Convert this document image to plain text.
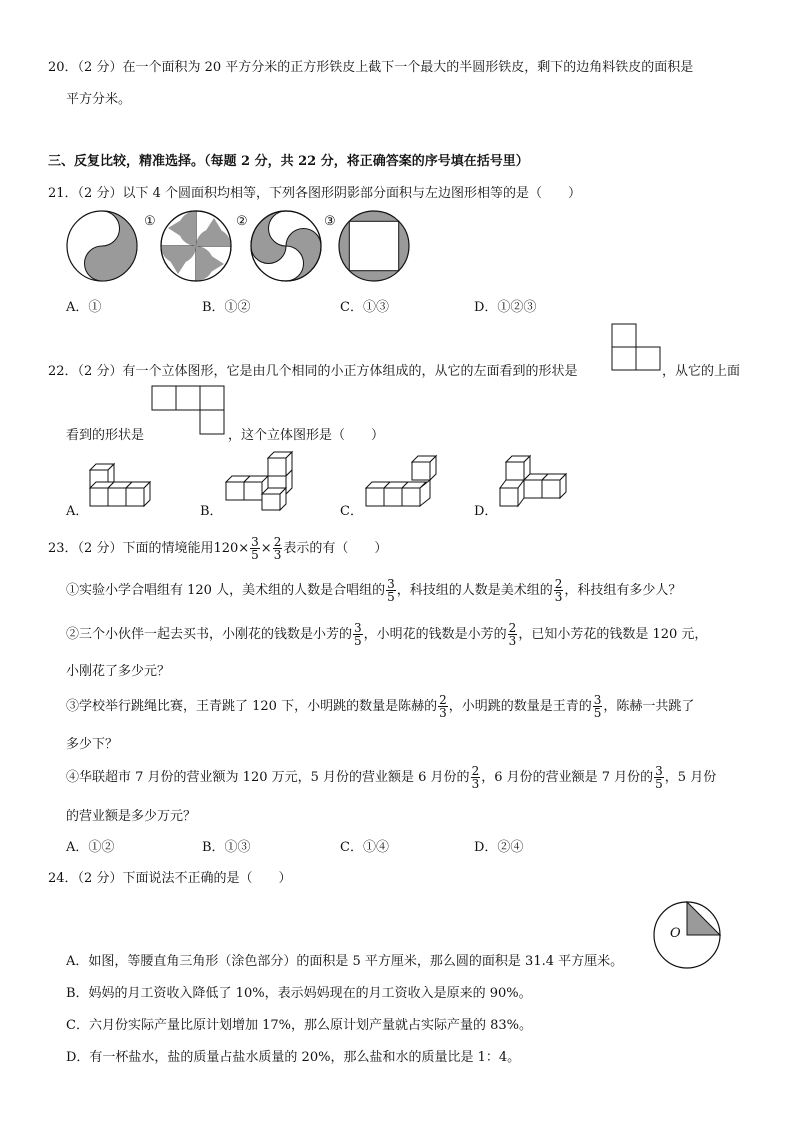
20．（2 分）在一个面积为 20 平方分米的正方形铁皮上截下一个最大的半圆形铁皮，剩下的边角料铁皮的面积是
平方分米。
三、反复比较，精准选择。（每题 2 分，共 22 分，将正确答案的序号填在括号里）
21．（2 分）以下 4 个圆面积均相等，下列各图形阴影部分面积与左边图形相等的是（　　）
①	②	③
A．①	B．①②	C．①③	D．①②③
22．（2 分）有一个立体图形，它是由几个相同的小正方体组成的，从它的左面看到的形状是	，从它的上面
看到的形状是	，这个立体图形是（　　）
A．	B．	C．	D．
23．（2 分）下面的情境能用$120\times \frac{3}{5} \times \frac{2}{3}$ 表示的有（　　）
①实验小学合唱组有 120 人，美术组的人数是合唱组的 $\frac{3}{5}$ ，科技组的人数是美术组的 $\frac{2}{3}$ ，科技组有多少人？
②三个小伙伴一起去买书，小刚花的钱数是小芳的 $\frac{3}{5}$ ，小明花的钱数是小芳的 $\frac{2}{3}$ ，已知小芳花的钱数是 120 元，
小刚花了多少元？
③学校举行跳绳比赛，王青跳了 120 下，小明跳的数量是陈赫的 $\frac{2}{3}$ ，小明跳的数量是王青的 $\frac{3}{5}$ ，陈赫一共跳了
多少下？
④华联超市 7 月份的营业额为 120 万元，5 月份的营业额是 6 月份的 $\frac{2}{3}$ ，6 月份的营业额是 7 月份的 $\frac{3}{5}$ ，5 月份
的营业额是多少万元？
A．①②	B．①③	C．①④	D．②④
24．（2 分）下面说法不正确的是（　　）
O
A．如图，等腰直角三角形（涂色部分）的面积是 5 平方厘米，那么圆的面积是 31.4 平方厘米。
B．妈妈的月工资收入降低了 10%，表示妈妈现在的月工资收入是原来的 90%。
C．六月份实际产量比原计划增加 17%，那么原计划产量就占实际产量的 83%。
D．有一杯盐水，盐的质量占盐水质量的 20%，那么盐和水的质量比是 1：4。
